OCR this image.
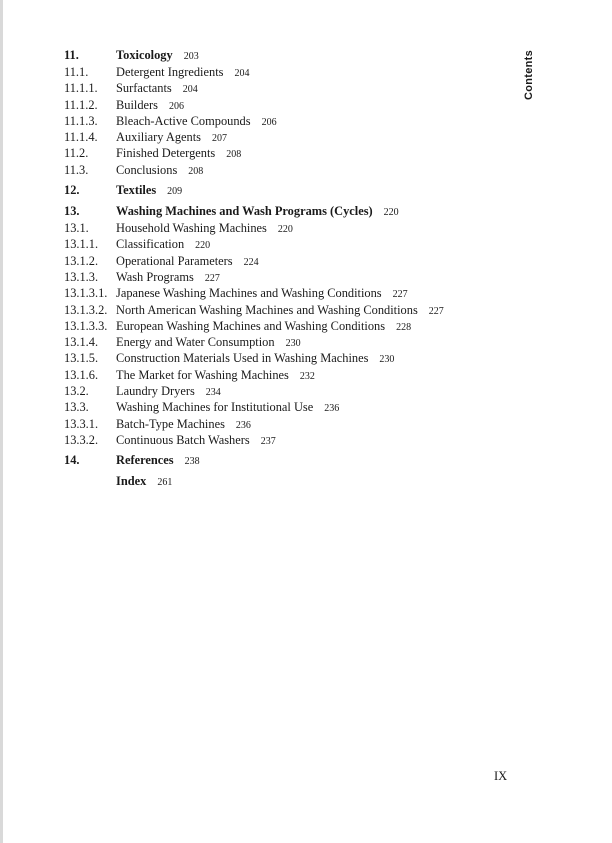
Contents
11.	Toxicology 203
11.1.	Detergent Ingredients 204
11.1.1.	Surfactants 204
11.1.2.	Builders 206
11.1.3.	Bleach-Active Compounds 206
11.1.4.	Auxiliary Agents 207
11.2.	Finished Detergents 208
11.3.	Conclusions 208
12.	Textiles 209
13.	Washing Machines and Wash Programs (Cycles) 220
13.1.	Household Washing Machines 220
13.1.1.	Classification 220
13.1.2.	Operational Parameters 224
13.1.3.	Wash Programs 227
13.1.3.1. Japanese Washing Machines and Washing Conditions 227
13.1.3.2. North American Washing Machines and Washing Conditions 227
13.1.3.3. European Washing Machines and Washing Conditions 228
13.1.4.	Energy and Water Consumption 230
13.1.5.	Construction Materials Used in Washing Machines 230
13.1.6.	The Market for Washing Machines 232
13.2.	Laundry Dryers 234
13.3.	Washing Machines for Institutional Use 236
13.3.1.	Batch-Type Machines 236
13.3.2.	Continuous Batch Washers 237
14.	References 238
Index 261
IX
